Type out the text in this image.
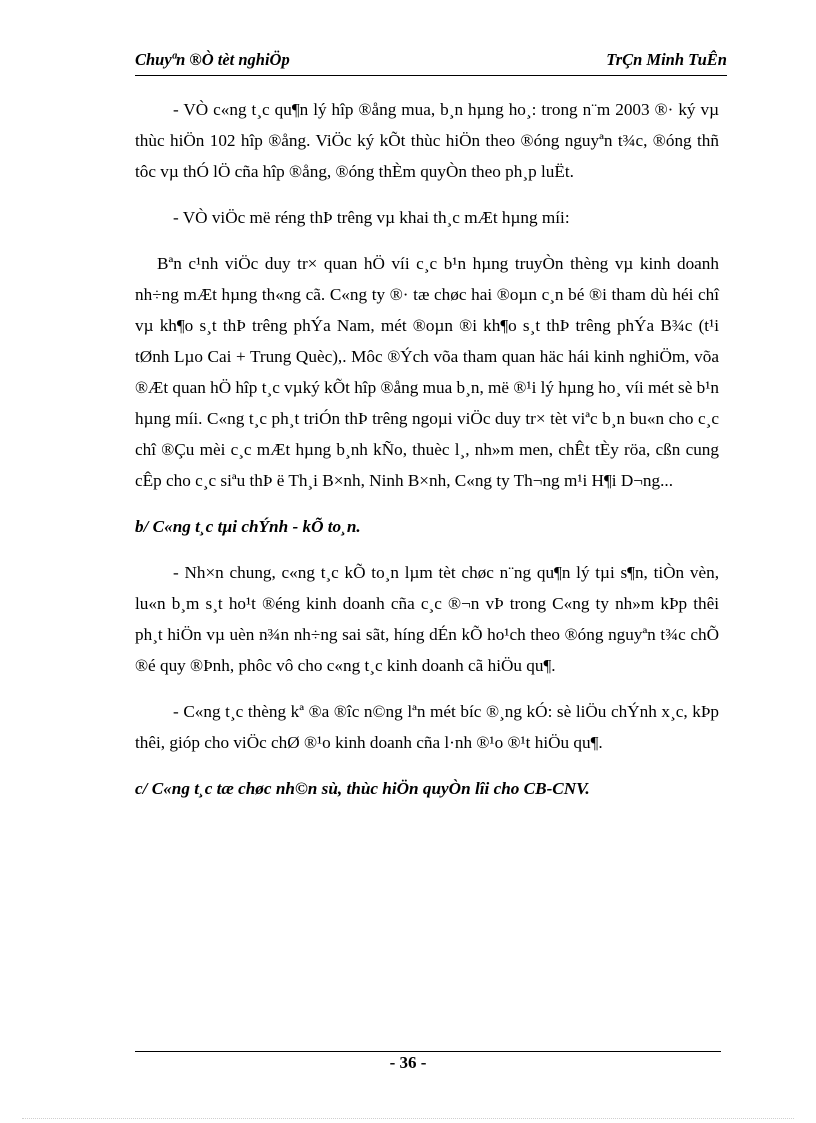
Chuyªn ®Ò tèt nghiÖp	TrÇn Minh TuÊn

- VÒ c«ng t¸c qu¶n lý hîp ®ång mua, b¸n hµng ho¸: trong n¨m 2003 ®· ký vµ thùc hiÖn 102 hîp ®ång. ViÖc ký kÕt thùc hiÖn theo ®óng nguyªn t¾c, ®óng thñ tôc vµ thÓ lÖ cña hîp ®ång, ®óng thÈm quyÒn theo ph¸p luËt.

- VÒ viÖc më réng thÞ trêng vµ khai th¸c mÆt hµng míi:

Bªn c¹nh viÖc duy tr× quan hÖ víi c¸c b¹n hµng truyÒn thèng vµ kinh doanh nh÷ng mÆt hµng th«ng cã. C«ng ty ®· tæ chøc hai ®oµn c¸n bé ®i tham dù héi chî vµ kh¶o s¸t thÞ trêng phÝa Nam, mét ®oµn ®i kh¶o s¸t thÞ trêng phÝa B¾c (t¹i tØnh Lµo Cai + Trung Quèc),. Môc ®Ých võa tham quan häc hái kinh nghiÖm, võa ®Æt quan hÖ hîp t¸c vµký kÕt hîp ®ång mua b¸n, më ®¹i lý hµng ho¸ víi mét sè b¹n hµng míi. C«ng t¸c ph¸t triÓn thÞ trêng ngoµi viÖc duy tr× tèt viªc b¸n bu«n cho c¸c chî ®Çu mèi c¸c mÆt hµng b¸nh kÑo, thuèc l¸, nh»m men, chÊt tÈy röa, cßn cung cÊp cho c¸c siªu thÞ ë Th¸i B×nh, Ninh B×nh, C«ng ty Th¬ng m¹i H¶i D¬ng...

b/ C«ng t¸c tµi chÝnh - kÕ to¸n.

- Nh×n chung, c«ng t¸c kÕ to¸n lµm tèt chøc n¨ng qu¶n lý tµi s¶n, tiÒn vèn, lu«n b¸m s¸t ho¹t ®éng kinh doanh cña c¸c ®¬n vÞ trong C«ng ty nh»m kÞp thêi ph¸t hiÖn vµ uèn n¾n nh÷ng sai sãt, híng dÉn kÕ ho¹ch theo ®óng nguyªn t¾c chÕ ®é quy ®Þnh, phôc vô cho c«ng t¸c kinh doanh cã hiÖu qu¶.

- C«ng t¸c thèng kª ®a ®îc n©ng lªn mét bíc ®¸ng kÓ: sè liÖu chÝnh x¸c, kÞp thêi, gióp cho viÖc chØ ®¹o kinh doanh cña l·nh ®¹o ®¹t hiÖu qu¶.

c/ C«ng t¸c tæ chøc nh©n sù, thùc hiÖn quyÒn lîi cho CB-CNV.

- 36 -
